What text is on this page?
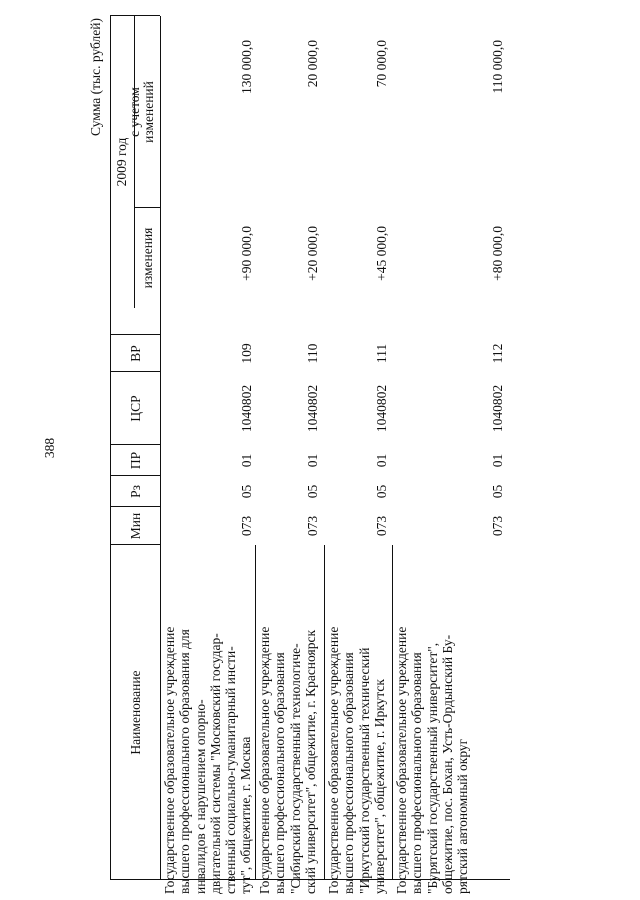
388
Сумма (тыс. рублей)
Наименование
Мин
Рз
ПР
ЦСР
ВР
2009 год
изменения
с учетом изменений
Государственное образовательное учреждение высшего профессионального образования для инвалидов с нарушением опорно- двигательной системы "Московский государ- ственный социально-гуманитарный инсти- тут", общежитие, г. Москва
073
05
01
1040802
109
+90 000,0
130 000,0
Государственное образовательное учреждение высшего профессионального образования "Сибирский государственный технологиче- ский университет", общежитие, г. Красноярск
073
05
01
1040802
110
+20 000,0
20 000,0
Государственное образовательное учреждение высшего профессионального образования "Иркутский государственный технический университет", общежитие, г. Иркутск
073
05
01
1040802
111
+45 000,0
70 000,0
Государственное образовательное учреждение высшего профессионального образования "Бурятский государственный университет", общежитие, пос. Бохан, Усть-Ордынский Бу- рятский автономный округ
073
05
01
1040802
112
+80 000,0
110 000,0
